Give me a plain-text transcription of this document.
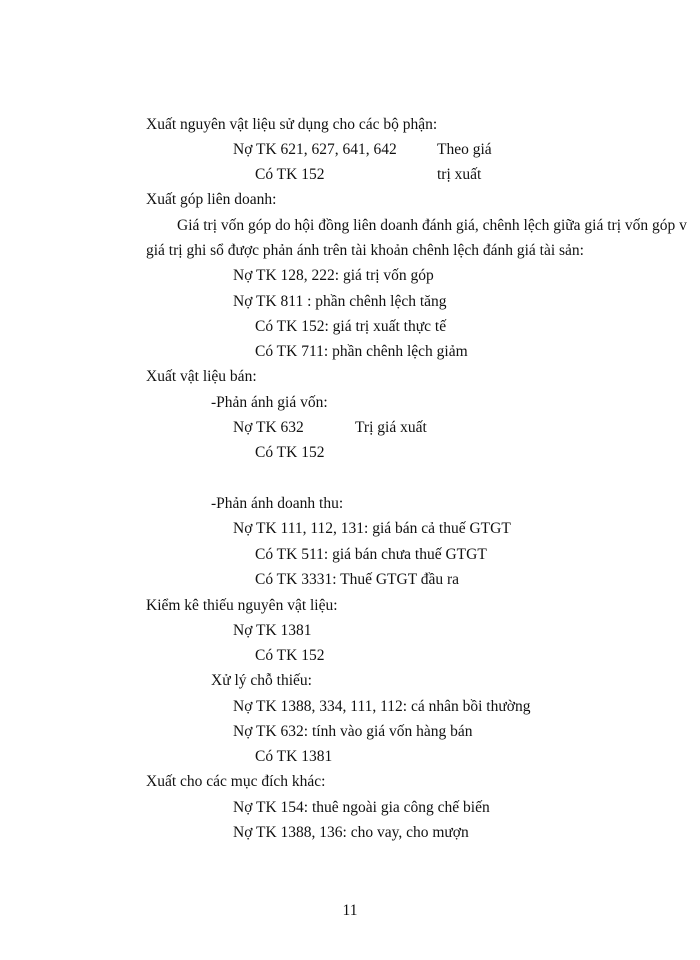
Xuất nguyên vật liệu sử dụng cho các bộ phận:
Nợ TK 621, 627, 641, 642	Theo giá
Có TK 152	trị xuất
Xuất góp liên doanh:
Giá trị vốn góp do hội đồng liên doanh đánh giá, chênh lệch giữa giá trị vốn góp v
giá trị ghi sổ được phản ánh trên tài khoản chênh lệch đánh giá tài sản:
Nợ TK 128, 222: giá trị vốn góp
Nợ TK 811 : phần chênh lệch tăng
Có TK 152: giá trị xuất thực tế
Có TK 711: phần chênh lệch giảm
Xuất vật liệu bán:
-Phản ánh giá vốn:
Nợ TK 632	Trị giá xuất
Có TK 152
-Phản ánh doanh thu:
Nợ TK 111, 112, 131: giá bán cả thuế GTGT
Có TK 511: giá bán chưa thuế GTGT
Có TK 3331: Thuế GTGT đầu ra
Kiểm kê thiếu nguyên vật liệu:
Nợ TK 1381
Có TK 152
Xử lý chỗ thiếu:
Nợ TK 1388, 334, 111, 112: cá nhân bồi thường
Nợ TK 632: tính vào giá vốn hàng bán
Có TK 1381
Xuất cho các mục đích khác:
Nợ TK 154: thuê ngoài gia công chế biến
Nợ TK 1388, 136: cho vay, cho mượn
11
